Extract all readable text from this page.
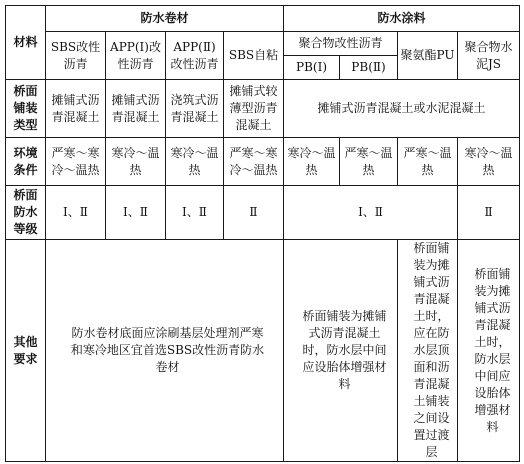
材料	防水卷材				防水涂料			
	SBS改性沥青	APP(Ⅰ)改性沥青	APP(Ⅱ)改性沥青	SBS自粘	聚合物改性沥青		聚氨酯PU	聚合物水泥JS
					PB(Ⅰ)	PB(Ⅱ)		
桥面铺装类型	摊铺式沥青混凝土	摊铺式沥青混凝土	浇筑式沥青混凝土	摊铺式较薄型沥青混凝土	摊铺式沥青混凝土或水泥混凝土			
环境条件	严寒～寒冷～温热	寒冷～温热	寒冷～温热	严寒～寒冷～温热	寒冷～温热	严寒～温热	严寒～温热	寒冷～温热
桥面防水等级	Ⅰ、Ⅱ	Ⅰ、Ⅱ	Ⅰ、Ⅱ	Ⅱ	Ⅰ、Ⅱ			Ⅱ
其他要求	防水卷材底面应涂刷基层处理剂严寒和寒冷地区宜首选SBS改性沥青防水卷材				桥面铺装为摊铺式沥青混凝土时，防水层中间应设胎体增强材料		桥面铺装为摊铺式沥青混凝土时，应在防水层顶面和沥青混凝土铺装之间设置过渡层	桥面铺装为摊铺式沥青混凝土时，防水层中间应设胎体增强材料
